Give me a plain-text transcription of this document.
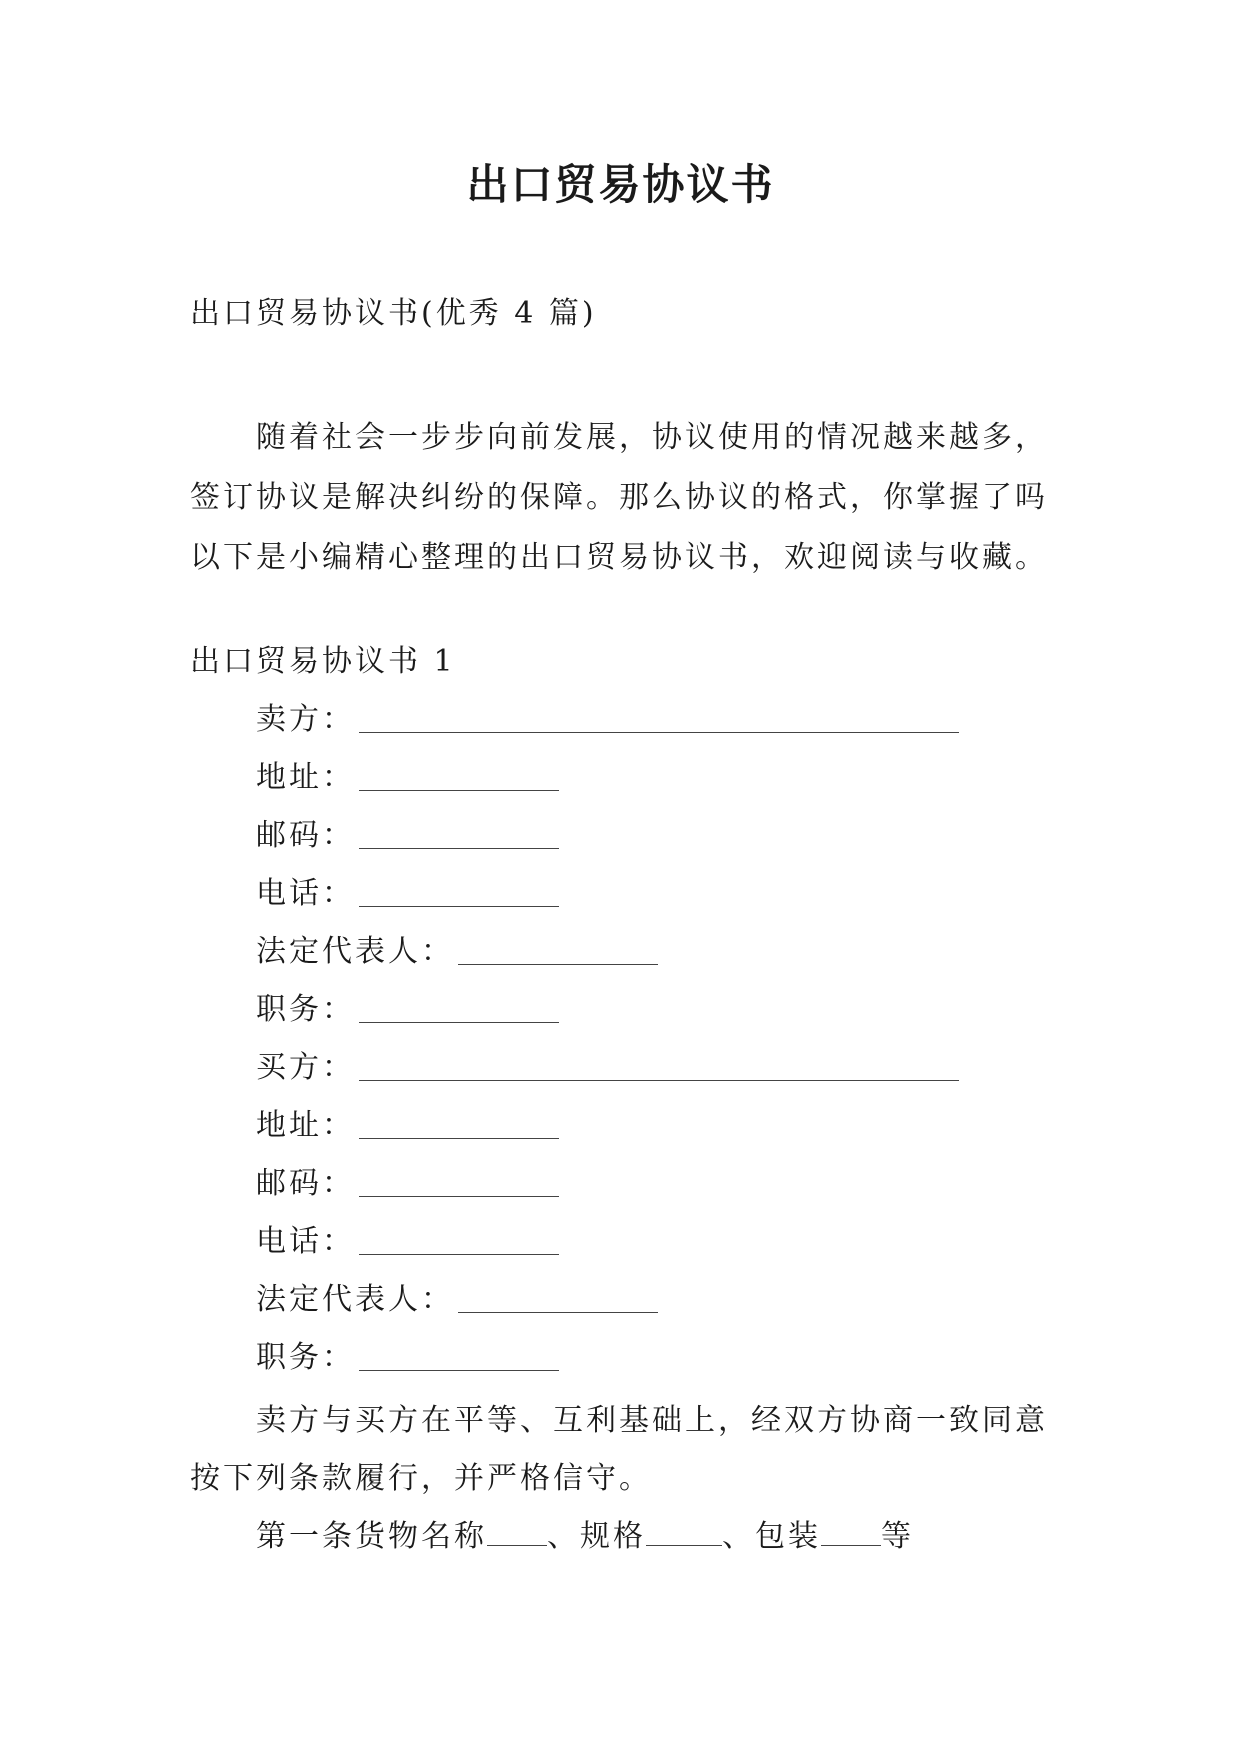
出口贸易协议书
出口贸易协议书(优秀 4 篇)

随着社会一步步向前发展，协议使用的情况越来越多，

签订协议是解决纠纷的保障。那么协议的格式，你掌握了吗

以下是小编精心整理的出口贸易协议书，欢迎阅读与收藏。

出口贸易协议书 1
卖方：
地址：
邮码：
电话：
法定代表人：
职务：
买方：
地址：
邮码：
电话：
法定代表人：
职务：

卖方与买方在平等、互利基础上，经双方协商一致同意

按下列条款履行，并严格信守。

第一条货物名称 、规格	、包装 等
